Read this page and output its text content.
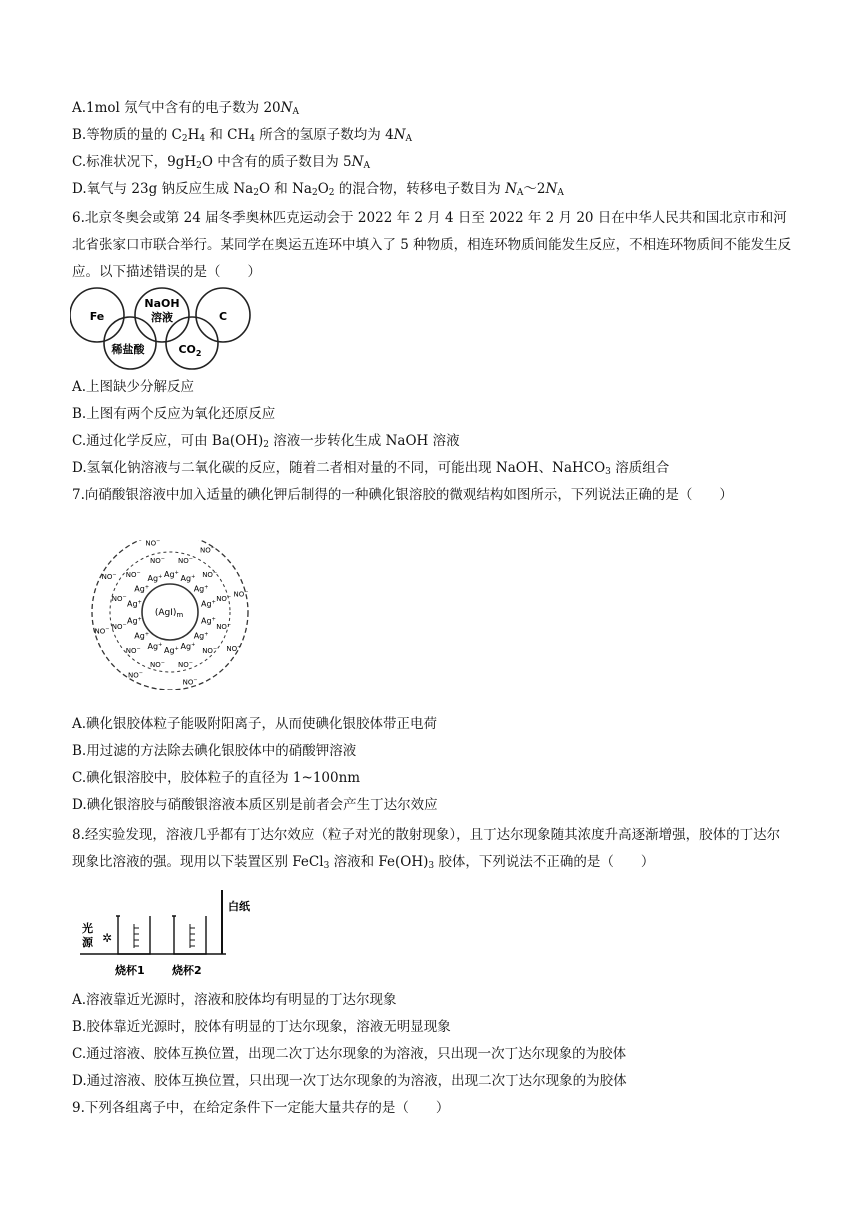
A.1mol 氖气中含有的电子数为 $20N_A$
B.等物质的量的 $C_2H_4$ 和 $CH_4$ 所含的氢原子数均为 $4N_A$
C.标准状况下，$9gH_2O$ 中含有的质子数目为 $5N_A$
D.氧气与 23g 钠反应生成 $Na_2O$ 和 $Na_2O_2$ 的混合物，转移电子数目为 $N_A\sim 2N_A$
6.北京冬奥会或第 24 届冬季奥林匹克运动会于 2022 年 2 月 4 日至 2022 年 2 月 20 日在中华人民共和国北京市和河北省张家口市联合举行。某同学在奥运五连环中填入了 5 种物质，相连环物质间能发生反应，不相连环物质间不能发生反应。以下描述错误的是（　　）
Fe
NaOH
溶液	C
稀盐酸	$CO_2$
A.上图缺少分解反应
B.上图有两个反应为氧化还原反应
C.通过化学反应，可由 $Ba(OH)_2$ 溶液一步转化生成 NaOH 溶液
D.氢氧化钠溶液与二氧化碳的反应，随着二者相对量的不同，可能出现 NaOH、NaHCO$_3$ 溶质组合
7.向硝酸银溶液中加入适量的碘化钾后制得的一种碘化银溶胶的微观结构如图所示，下列说法正确的是（　　）
$(AgI)_m$
Ag+
Ag+
Ag+
Ag+
Ag+
Ag+
Ag+
Ag+
Ag+
Ag+
Ag+
Ag+
Ag+
Ag+
NO−
NO−
NO−
NO−
NO−
NO−
NO−
NO−
NO−
NO−
NO−
NO−
NO−
NO−
NO−
NO−
NO−
NO−
NO−
NO−
A.碘化银胶体粒子能吸附阳离子，从而使碘化银胶体带正电荷
B.用过滤的方法除去碘化银胶体中的硝酸钾溶液
C.碘化银溶胶中，胶体粒子的直径为 1~100nm
D.碘化银溶胶与硝酸银溶液本质区别是前者会产生丁达尔效应
8.经实验发现，溶液几乎都有丁达尔效应（粒子对光的散射现象），且丁达尔现象随其浓度升高逐渐增强，胶体的丁达尔现象比溶液的强。现用以下装置区别 FeCl$_3$ 溶液和 $Fe(OH)_3$ 胶体，下列说法不正确的是（　　）
白纸
光
源 ✲
烧杯1 烧杯2
A.溶液靠近光源时，溶液和胶体均有明显的丁达尔现象
B.胶体靠近光源时，胶体有明显的丁达尔现象，溶液无明显现象
C.通过溶液、胶体互换位置，出现二次丁达尔现象的为溶液，只出现一次丁达尔现象的为胶体
D.通过溶液、胶体互换位置，只出现一次丁达尔现象的为溶液，出现二次丁达尔现象的为胶体
9.下列各组离子中，在给定条件下一定能大量共存的是（　　）
